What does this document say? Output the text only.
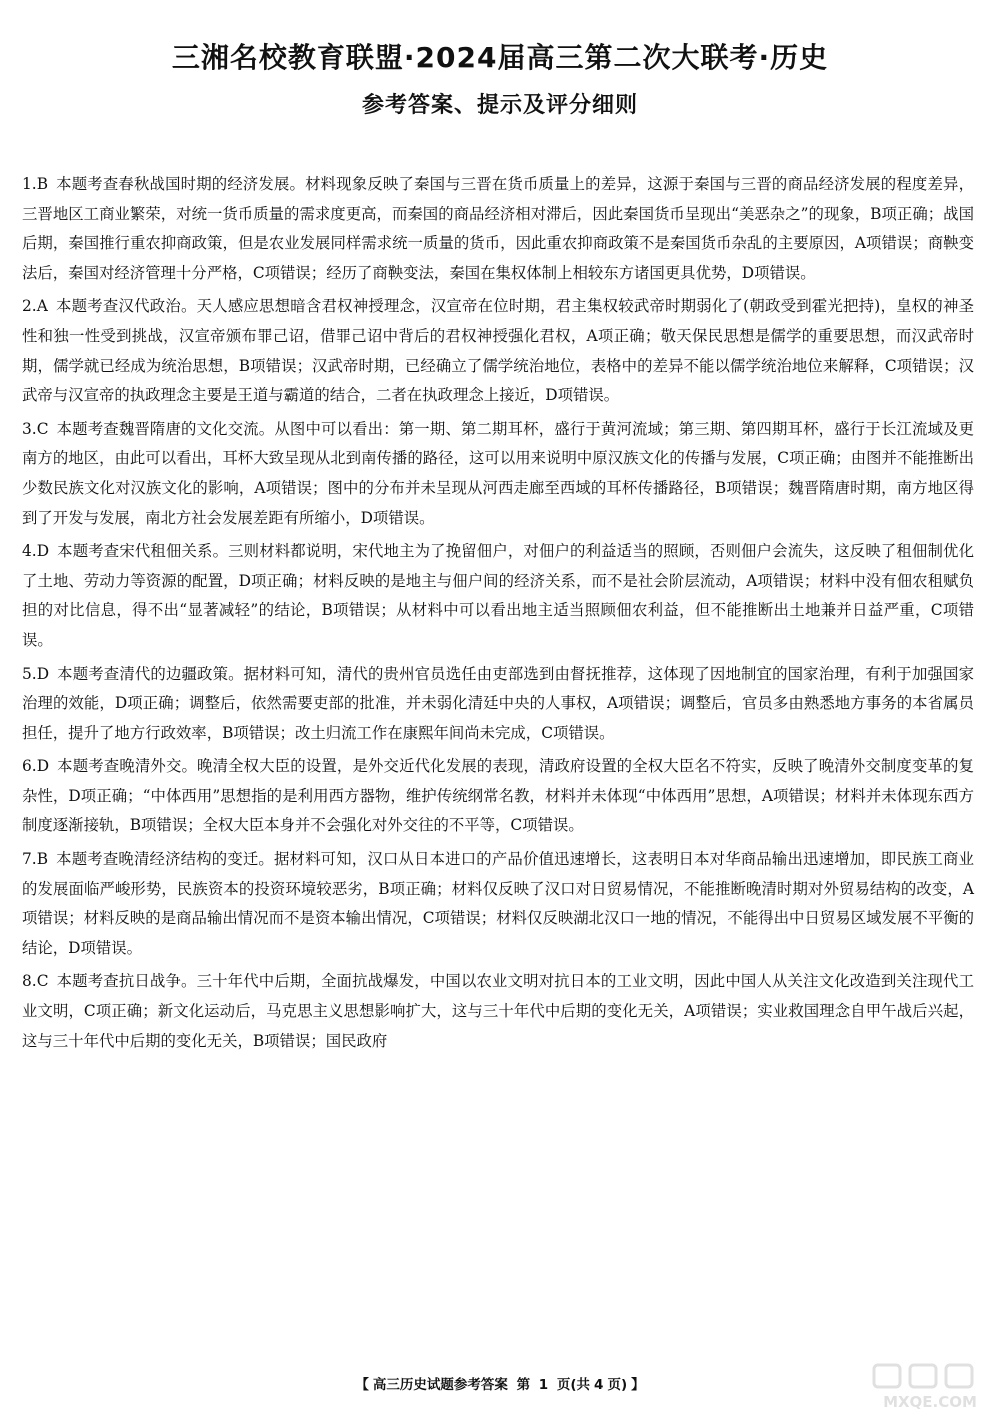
三湘名校教育联盟·2024届高三第二次大联考·历史
参考答案、提示及评分细则
1.B 本题考查春秋战国时期的经济发展。材料现象反映了秦国与三晋在货币质量上的差异，这源于秦国与三晋的商品经济发展的程度差异，三晋地区工商业繁荣，对统一货币质量的需求度更高，而秦国的商品经济相对滞后，因此秦国货币呈现出“美恶杂之”的现象，B项正确；战国后期，秦国推行重农抑商政策，但是农业发展同样需求统一质量的货币，因此重农抑商政策不是秦国货币杂乱的主要原因，A项错误；商鞅变法后，秦国对经济管理十分严格，C项错误；经历了商鞅变法，秦国在集权体制上相较东方诸国更具优势，D项错误。
2.A 本题考查汉代政治。天人感应思想暗含君权神授理念，汉宣帝在位时期，君主集权较武帝时期弱化了(朝政受到霍光把持)，皇权的神圣性和独一性受到挑战，汉宣帝颁布罪己诏，借罪己诏中背后的君权神授强化君权，A项正确；敬天保民思想是儒学的重要思想，而汉武帝时期，儒学就已经成为统治思想，B项错误；汉武帝时期，已经确立了儒学统治地位，表格中的差异不能以儒学统治地位来解释，C项错误；汉武帝与汉宣帝的执政理念主要是王道与霸道的结合，二者在执政理念上接近，D项错误。
3.C 本题考查魏晋隋唐的文化交流。从图中可以看出：第一期、第二期耳杯，盛行于黄河流域；第三期、第四期耳杯，盛行于长江流域及更南方的地区，由此可以看出，耳杯大致呈现从北到南传播的路径，这可以用来说明中原汉族文化的传播与发展，C项正确；由图并不能推断出少数民族文化对汉族文化的影响，A项错误；图中的分布并未呈现从河西走廊至西域的耳杯传播路径，B项错误；魏晋隋唐时期，南方地区得到了开发与发展，南北方社会发展差距有所缩小，D项错误。
4.D 本题考查宋代租佃关系。三则材料都说明，宋代地主为了挽留佃户，对佃户的利益适当的照顾，否则佃户会流失，这反映了租佃制优化了土地、劳动力等资源的配置，D项正确；材料反映的是地主与佃户间的经济关系，而不是社会阶层流动，A项错误；材料中没有佃农租赋负担的对比信息，得不出“显著减轻”的结论，B项错误；从材料中可以看出地主适当照顾佃农利益，但不能推断出土地兼并日益严重，C项错误。
5.D 本题考查清代的边疆政策。据材料可知，清代的贵州官员选任由吏部选到由督抚推荐，这体现了因地制宜的国家治理，有利于加强国家治理的效能，D项正确；调整后，依然需要吏部的批准，并未弱化清廷中央的人事权，A项错误；调整后，官员多由熟悉地方事务的本省属员担任，提升了地方行政效率，B项错误；改土归流工作在康熙年间尚未完成，C项错误。
6.D 本题考查晚清外交。晚清全权大臣的设置，是外交近代化发展的表现，清政府设置的全权大臣名不符实，反映了晚清外交制度变革的复杂性，D项正确；“中体西用”思想指的是利用西方器物，维护传统纲常名教，材料并未体现“中体西用”思想，A项错误；材料并未体现东西方制度逐渐接轨，B项错误；全权大臣本身并不会强化对外交往的不平等，C项错误。
7.B 本题考查晚清经济结构的变迁。据材料可知，汉口从日本进口的产品价值迅速增长，这表明日本对华商品输出迅速增加，即民族工商业的发展面临严峻形势，民族资本的投资环境较恶劣，B项正确；材料仅反映了汉口对日贸易情况，不能推断晚清时期对外贸易结构的改变，A项错误；材料反映的是商品输出情况而不是资本输出情况，C项错误；材料仅反映湖北汉口一地的情况，不能得出中日贸易区域发展不平衡的结论，D项错误。
8.C 本题考查抗日战争。三十年代中后期，全面抗战爆发，中国以农业文明对抗日本的工业文明，因此中国人从关注文化改造到关注现代工业文明，C项正确；新文化运动后，马克思主义思想影响扩大，这与三十年代中后期的变化无关，A项错误；实业救国理念自甲午战后兴起，这与三十年代中后期的变化无关，B项错误；国民政府
【 高三历史试题参考答案 第 1 页(共 4 页) 】
MXQE.COM
